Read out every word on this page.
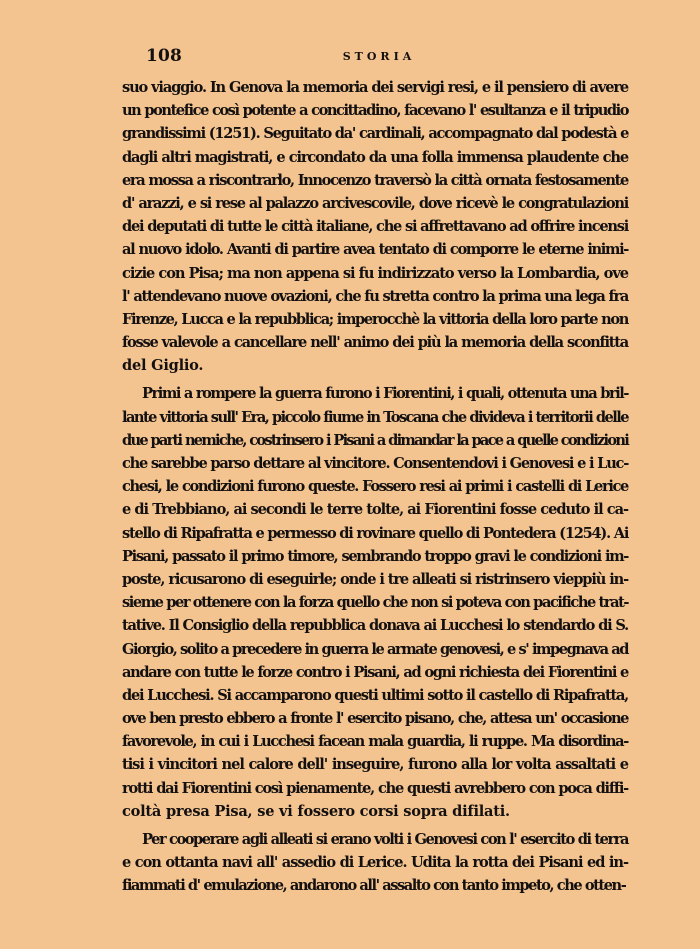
108	STORIA
suo viaggio. In Genova la memoria dei servigi resi, e il pensiero di avere
un pontefice così potente a concittadino, facevano l' esultanza e il tripudio
grandissimi (1251). Seguitato da' cardinali, accompagnato dal podestà e
dagli altri magistrati, e circondato da una folla immensa plaudente che
era mossa a riscontrarlo, Innocenzo traversò la città ornata festosamente
d' arazzi, e si rese al palazzo arcivescovile, dove ricevè le congratulazioni
dei deputati di tutte le città italiane, che si affrettavano ad offrire incensi
al nuovo idolo. Avanti di partire avea tentato di comporre le eterne inimi-
cizie con Pisa; ma non appena si fu indirizzato verso la Lombardia, ove
l' attendevano nuove ovazioni, che fu stretta contro la prima una lega fra
Firenze, Lucca e la repubblica; imperocchè la vittoria della loro parte non
fosse valevole a cancellare nell' animo dei più la memoria della sconfitta
del Giglio.
Primi a rompere la guerra furono i Fiorentini, i quali, ottenuta una bril-
lante vittoria sull' Era, piccolo fiume in Toscana che divideva i territorii delle
due parti nemiche, costrinsero i Pisani a dimandar la pace a quelle condizioni
che sarebbe parso dettare al vincitore. Consentendovi i Genovesi e i Luc-
chesi, le condizioni furono queste. Fossero resi ai primi i castelli di Lerice
e di Trebbiano, ai secondi le terre tolte, ai Fiorentini fosse ceduto il ca-
stello di Ripafratta e permesso di rovinare quello di Pontedera (1254). Ai
Pisani, passato il primo timore, sembrando troppo gravi le condizioni im-
poste, ricusarono di eseguirle; onde i tre alleati si ristrinsero vieppiù in-
sieme per ottenere con la forza quello che non si poteva con pacifiche trat-
tative. Il Consiglio della repubblica donava ai Lucchesi lo stendardo di S.
Giorgio, solito a precedere in guerra le armate genovesi, e s' impegnava ad
andare con tutte le forze contro i Pisani, ad ogni richiesta dei Fiorentini e
dei Lucchesi. Si accamparono questi ultimi sotto il castello di Ripafratta,
ove ben presto ebbero a fronte l' esercito pisano, che, attesa un' occasione
favorevole, in cui i Lucchesi facean mala guardia, li ruppe. Ma disordina-
tisi i vincitori nel calore dell' inseguire, furono alla lor volta assaltati e
rotti dai Fiorentini così pienamente, che questi avrebbero con poca diffi-
coltà presa Pisa, se vi fossero corsi sopra difilati.
Per cooperare agli alleati si erano volti i Genovesi con l' esercito di terra
e con ottanta navi all' assedio di Lerice. Udita la rotta dei Pisani ed in-
fiammati d' emulazione, andarono all' assalto con tanto impeto, che otten-
